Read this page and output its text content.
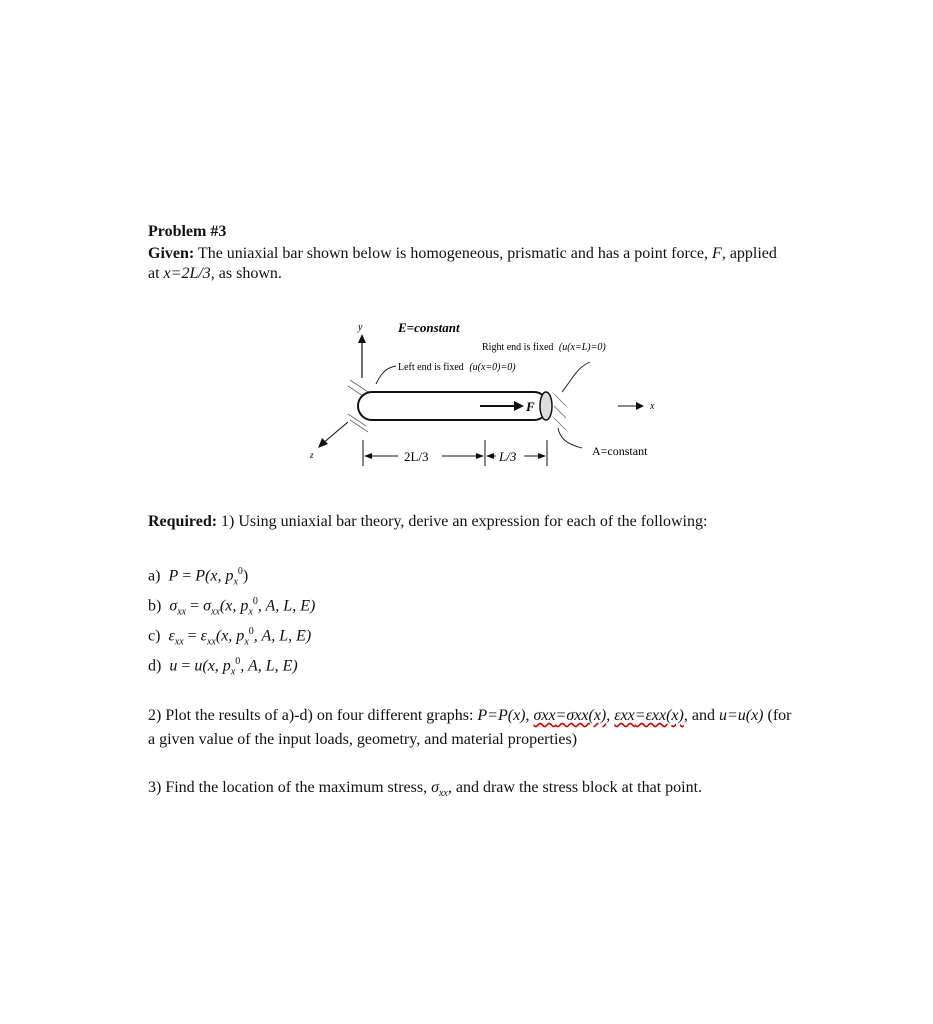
Problem #3
Given: The uniaxial bar shown below is homogeneous, prismatic and has a point force, F, applied
at x=2L/3, as shown.
y	E=constant
Right end is fixed (u(x=L)=0)
Left end is fixed (u(x=0)=0)
F	x
z	2L/3	L/3	A=constant
Required: 1) Using uniaxial bar theory, derive an expression for each of the following:
a) P = P(x, $p_x^0$)
b) $\sigma_{xx} = \sigma_{xx}(x$, $p_x^0$, A, L, E)
c) $\varepsilon_{xx} = \varepsilon_{xx}(x$, $p_x^0$, A, L, E)
d) u = u(x, $p_x^0$, A, L, E)
2) Plot the results of a)-d) on four different graphs: P=P(x), σxx=σxx(x), εxx=εxx(x), and u=u(x) (for
a given value of the input loads, geometry, and material properties)
3) Find the location of the maximum stress, $\sigma_{xx}$, and draw the stress block at that point.
